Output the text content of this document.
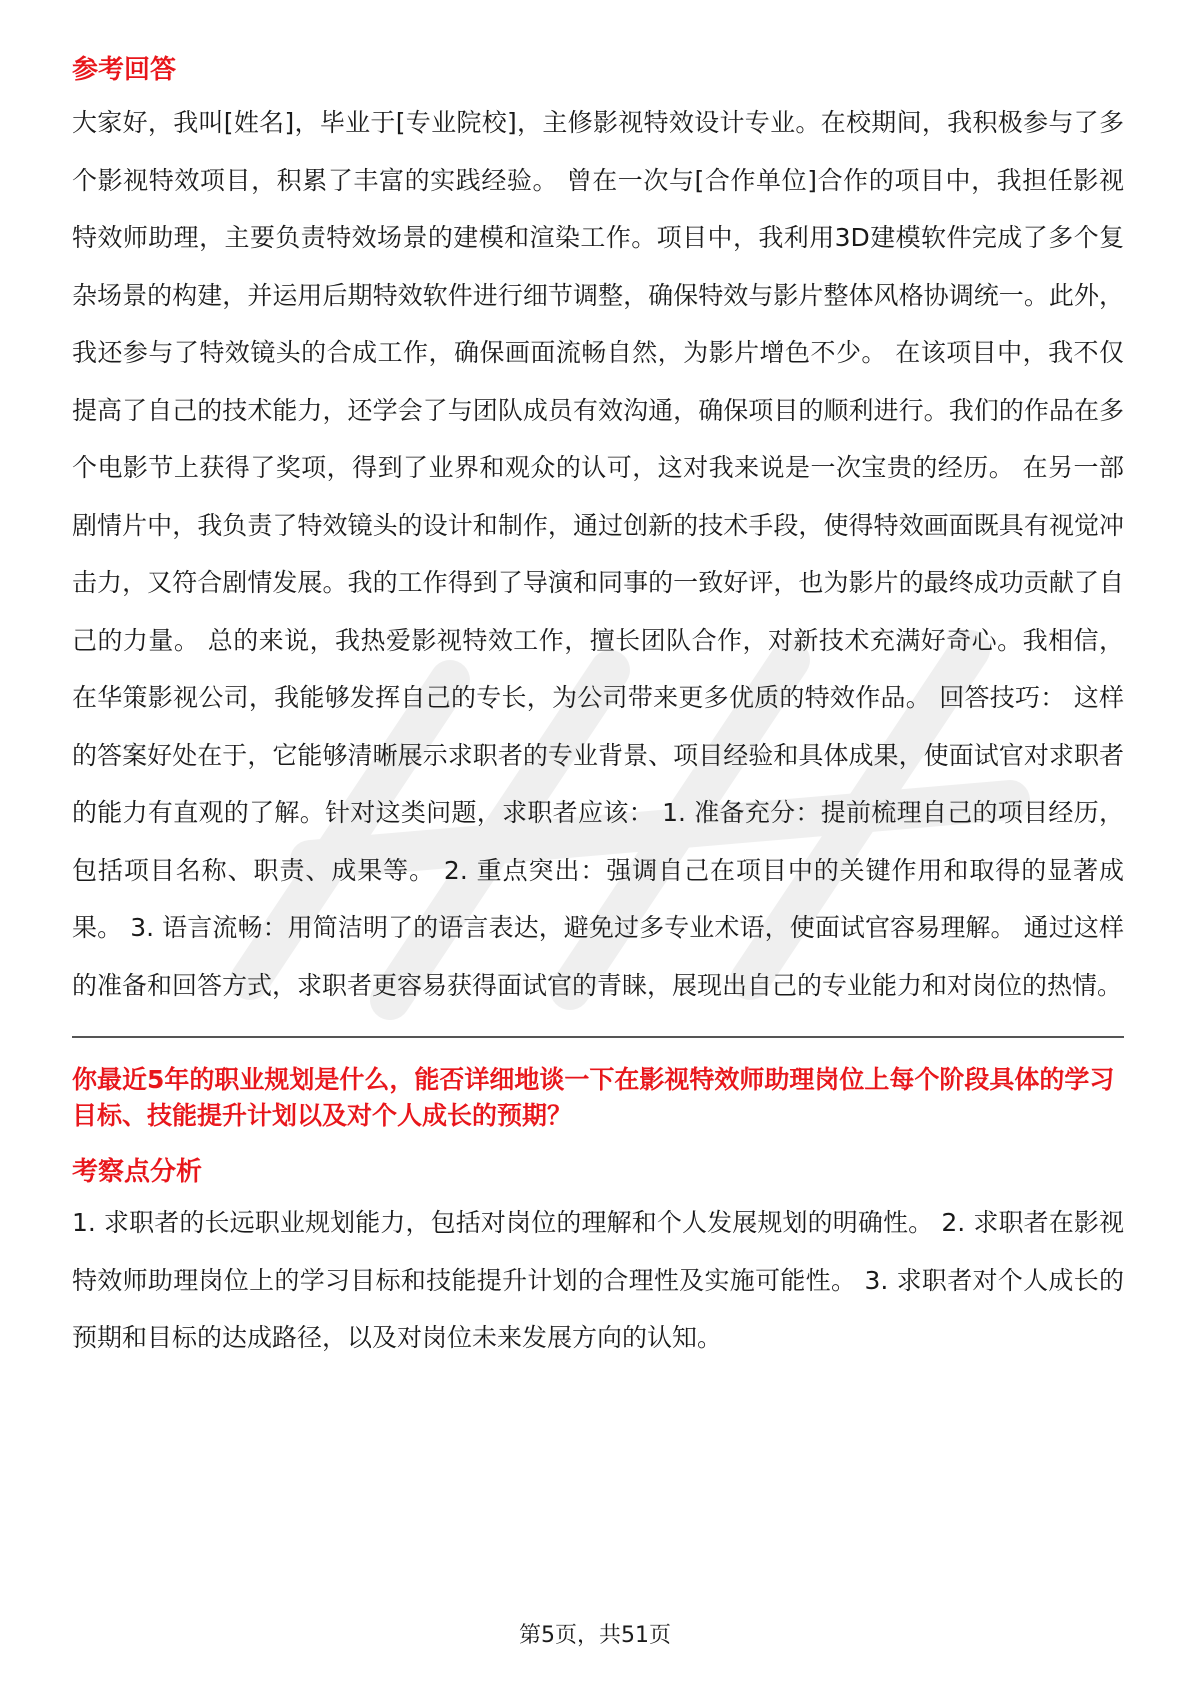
参考回答

大家好，我叫[姓名]，毕业于[专业院校]，主修影视特效设计专业。在校期间，我积极参与了多个影视特效项目，积累了丰富的实践经验。 曾在一次与[合作单位]合作的项目中，我担任影视特效师助理，主要负责特效场景的建模和渲染工作。项目中，我利用3D建模软件完成了多个复杂场景的构建，并运用后期特效软件进行细节调整，确保特效与影片整体风格协调统一。此外，我还参与了特效镜头的合成工作，确保画面流畅自然，为影片增色不少。 在该项目中，我不仅提高了自己的技术能力，还学会了与团队成员有效沟通，确保项目的顺利进行。我们的作品在多个电影节上获得了奖项，得到了业界和观众的认可，这对我来说是一次宝贵的经历。 在另一部剧情片中，我负责了特效镜头的设计和制作，通过创新的技术手段，使得特效画面既具有视觉冲击力，又符合剧情发展。我的工作得到了导演和同事的一致好评，也为影片的最终成功贡献了自己的力量。 总的来说，我热爱影视特效工作，擅长团队合作，对新技术充满好奇心。我相信，在华策影视公司，我能够发挥自己的专长，为公司带来更多优质的特效作品。 回答技巧： 这样的答案好处在于，它能够清晰展示求职者的专业背景、项目经验和具体成果，使面试官对求职者的能力有直观的了解。针对这类问题，求职者应该： 1. 准备充分：提前梳理自己的项目经历，包括项目名称、职责、成果等。 2. 重点突出：强调自己在项目中的关键作用和取得的显著成果。 3. 语言流畅：用简洁明了的语言表达，避免过多专业术语，使面试官容易理解。 通过这样的准备和回答方式，求职者更容易获得面试官的青睐，展现出自己的专业能力和对岗位的热情。

你最近5年的职业规划是什么，能否详细地谈一下在影视特效师助理岗位上每个阶段具体的学习目标、技能提升计划以及对个人成长的预期？

考察点分析

1. 求职者的长远职业规划能力，包括对岗位的理解和个人发展规划的明确性。 2. 求职者在影视特效师助理岗位上的学习目标和技能提升计划的合理性及实施可能性。 3. 求职者对个人成长的预期和目标的达成路径，以及对岗位未来发展方向的认知。

第5页，共51页
